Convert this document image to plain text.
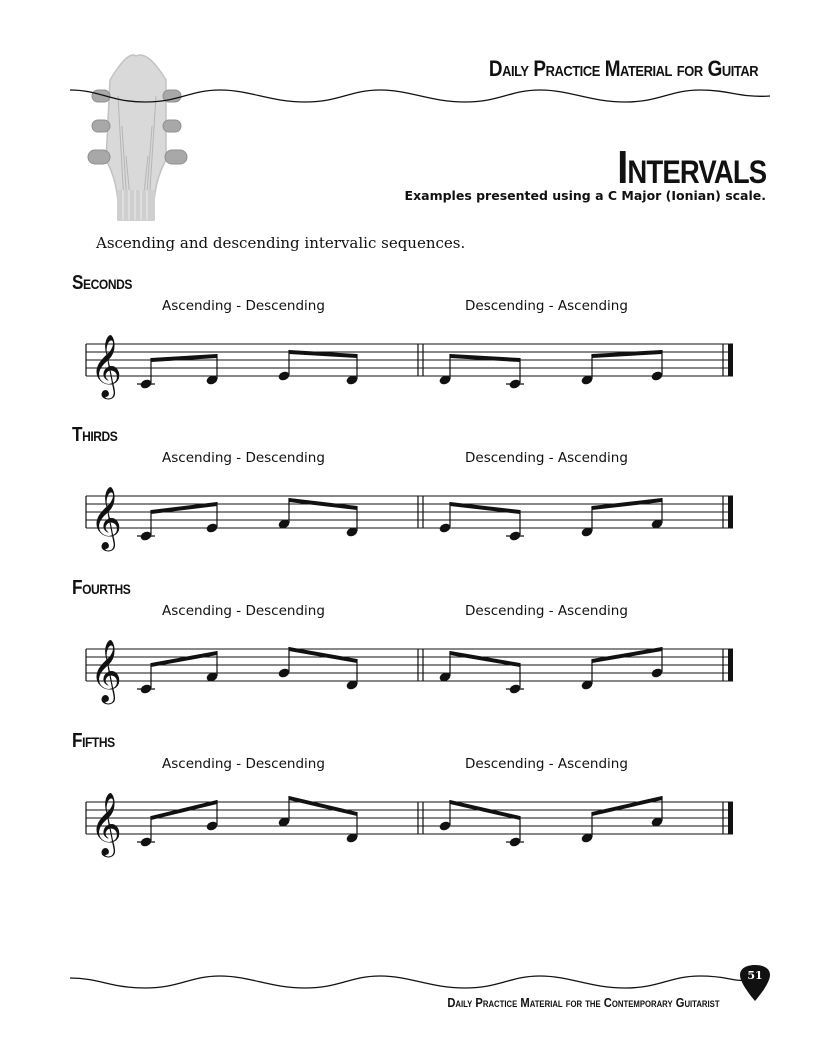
Daily Practice Material for Guitar
Intervals
Examples presented using a C Major (Ionian) scale.
Ascending and descending intervalic sequences.
Seconds
Ascending - Descending	Descending - Ascending
𝄞
Thirds
Ascending - Descending	Descending - Ascending
𝄞
Fourths
Ascending - Descending	Descending - Ascending
𝄞
Fifths
Ascending - Descending	Descending - Ascending
𝄞
51
Daily Practice Material for the Contemporary Guitarist
